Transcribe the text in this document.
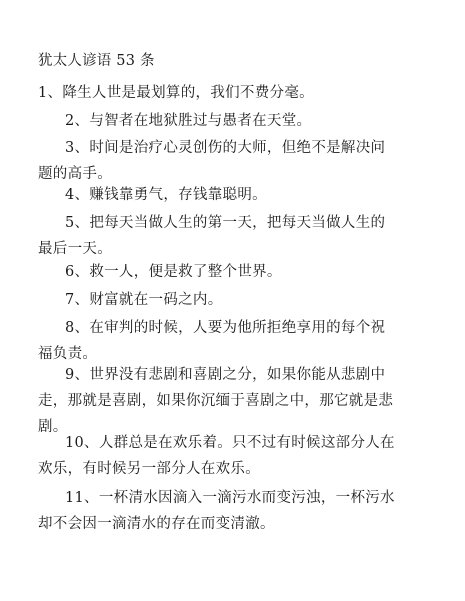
犹太人谚语 53 条
1、降生人世是最划算的，我们不费分毫。
2、与智者在地狱胜过与愚者在天堂。
3、时间是治疗心灵创伤的大师，但绝不是解决问
题的高手。
4、赚钱靠勇气，存钱靠聪明。
5、把每天当做人生的第一天，把每天当做人生的
最后一天。
6、救一人，便是救了整个世界。
7、财富就在一码之内。
8、在审判的时候，人要为他所拒绝享用的每个祝
福负责。
9、世界没有悲剧和喜剧之分，如果你能从悲剧中
走，那就是喜剧，如果你沉缅于喜剧之中，那它就是悲
剧。
10、人群总是在欢乐着。只不过有时候这部分人在
欢乐，有时候另一部分人在欢乐。
11、一杯清水因滴入一滴污水而变污浊，一杯污水
却不会因一滴清水的存在而变清澈。
